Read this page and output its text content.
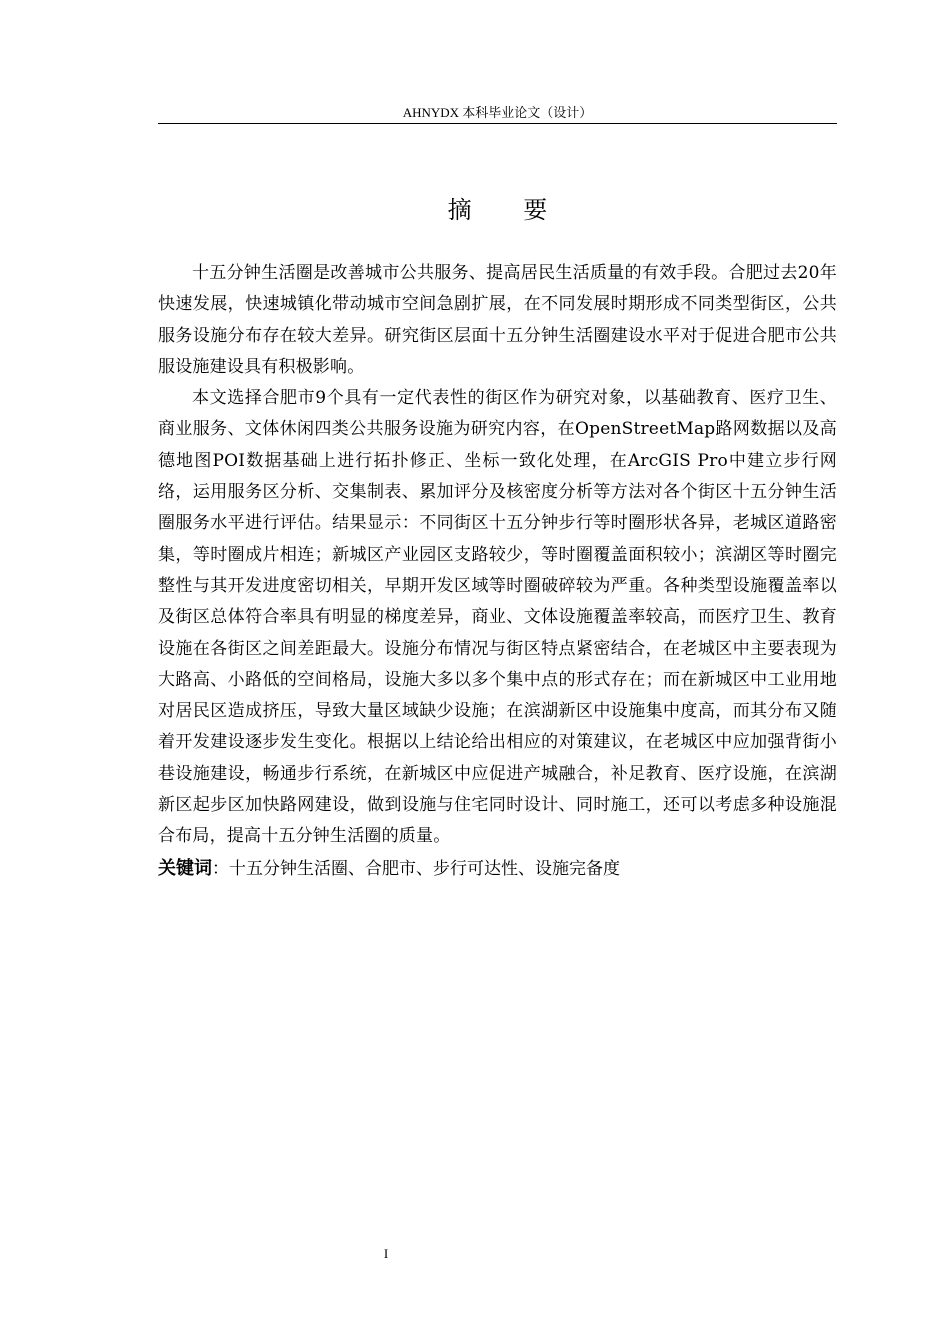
AHNYDX 本科毕业论文（设计）
摘 要

十五分钟生活圈是改善城市公共服务、提高居民生活质量的有效手段。合肥过去20年快速发展，快速城镇化带动城市空间急剧扩展，在不同发展时期形成不同类型街区，公共服务设施分布存在较大差异。研究街区层面十五分钟生活圈建设水平对于促进合肥市公共服设施建设具有积极影响。

本文选择合肥市9个具有一定代表性的街区作为研究对象，以基础教育、医疗卫生、商业服务、文体休闲四类公共服务设施为研究内容，在OpenStreetMap路网数据以及高德地图POI数据基础上进行拓扑修正、坐标一致化处理，在ArcGIS Pro中建立步行网络，运用服务区分析、交集制表、累加评分及核密度分析等方法对各个街区十五分钟生活圈服务水平进行评估。结果显示：不同街区十五分钟步行等时圈形状各异，老城区道路密集，等时圈成片相连；新城区产业园区支路较少，等时圈覆盖面积较小；滨湖区等时圈完整性与其开发进度密切相关，早期开发区域等时圈破碎较为严重。各种类型设施覆盖率以及街区总体符合率具有明显的梯度差异，商业、文体设施覆盖率较高，而医疗卫生、教育设施在各街区之间差距最大。设施分布情况与街区特点紧密结合，在老城区中主要表现为大路高、小路低的空间格局，设施大多以多个集中点的形式存在；而在新城区中工业用地对居民区造成挤压，导致大量区域缺少设施；在滨湖新区中设施集中度高，而其分布又随着开发建设逐步发生变化。根据以上结论给出相应的对策建议，在老城区中应加强背街小巷设施建设，畅通步行系统，在新城区中应促进产城融合，补足教育、医疗设施，在滨湖新区起步区加快路网建设，做到设施与住宅同时设计、同时施工，还可以考虑多种设施混合布局，提高十五分钟生活圈的质量。

关键词：十五分钟生活圈、合肥市、步行可达性、设施完备度
I
